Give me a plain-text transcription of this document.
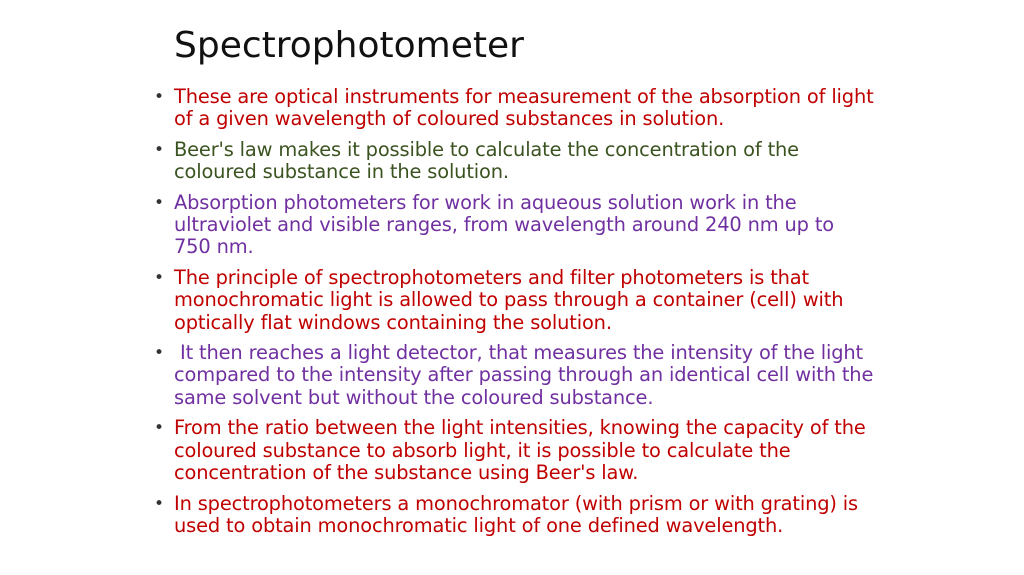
Spectrophotometer
• These are optical instruments for measurement of the absorption of light of a given wavelength of coloured substances in solution.
• Beer's law makes it possible to calculate the concentration of the coloured substance in the solution.
• Absorption photometers for work in aqueous solution work in the ultraviolet and visible ranges, from wavelength around 240 nm up to 750 nm.
• The principle of spectrophotometers and filter photometers is that monochromatic light is allowed to pass through a container (cell) with optically flat windows containing the solution.
• It then reaches a light detector, that measures the intensity of the light compared to the intensity after passing through an identical cell with the same solvent but without the coloured substance.
• From the ratio between the light intensities, knowing the capacity of the coloured substance to absorb light, it is possible to calculate the concentration of the substance using Beer's law.
• In spectrophotometers a monochromator (with prism or with grating) is used to obtain monochromatic light of one defined wavelength.
